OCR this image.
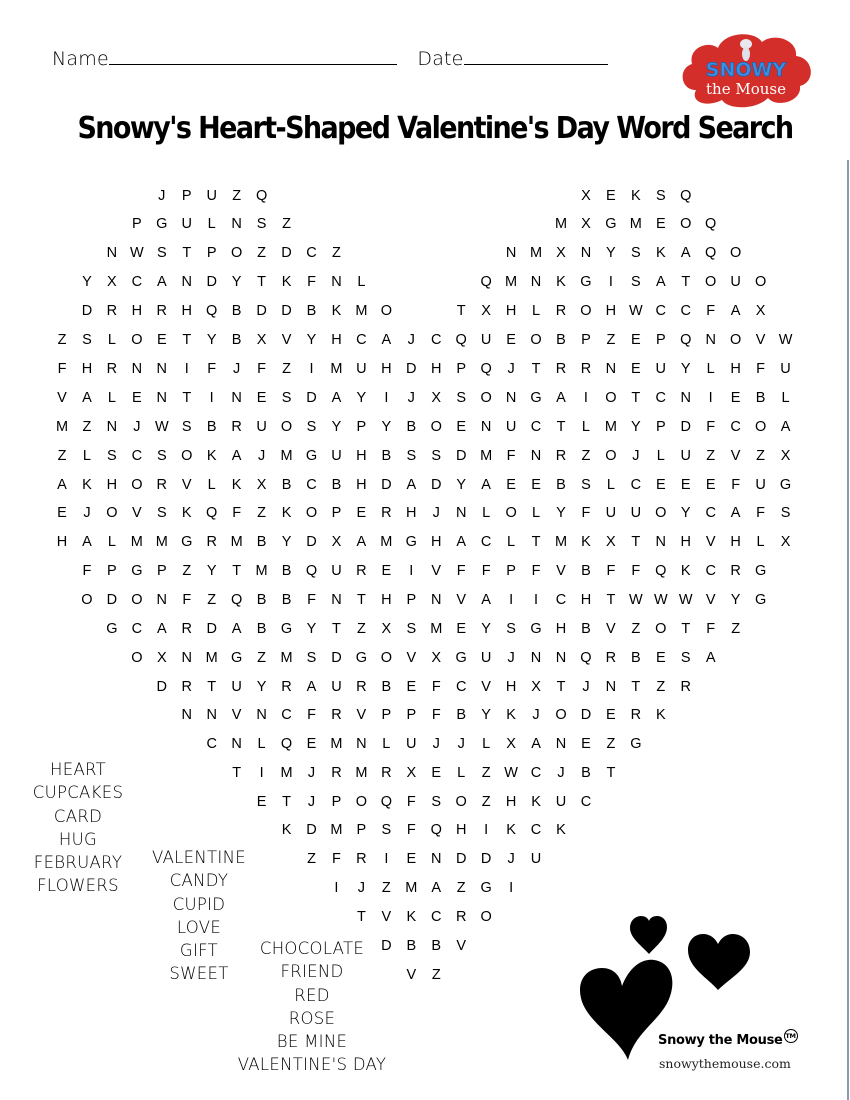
Name	Date	SNOWY
the Mouse
Snowy's Heart-Shaped Valentine's Day Word Search
J	P	U	Z	Q	X	E	K	S Q
P G U	L	N	S	Z	M X G M E O Q
N W S	T	P O	Z	D C	Z	N M X	N	Y	S	K	A Q O
Y	X	C	A	N D	Y	T	K	F	N	L	Q M N	K G	I	S	A	T	O U O
D R H R H Q B	D D	B	K M O	T	X	H	L	R O H W C C	F	A	X
Z	S	L	O E	T	Y	B	X	V	Y	H C	A	J	C Q U	E O B	P	Z	E	P Q N O V W
F	H R N N	I	F	J	F	Z	I	M U H D H	P Q	J	T	R R N	E	U	Y	L	H	F	U
V	A	L	E	N	T	I	N	E	S	D	A	Y	I	J	X	S O N G A	I	O	T	C N	I	E	B	L
M Z	N	J W S	B	R U O S	Y	P	Y	B O E	N U C	T	L	M Y	P	D	F	C O A
Z	L	S	C	S O K	A	J	M G U H	B	S	S	D M F	N R	Z	O	J	L	U	Z	V	Z	X
A	K	H O R	V	L	K	X	B	C	B	H D	A	D	Y	A	E	E	B	S	L	C	E	E	E	F	U G
E	J	O V	S	K Q	F	Z	K O P	E	R H	J	N	L	O	L	Y	F	U U O Y	C	A	F	S
H	A	L	M M G R M B	Y	D	X	A M G H	A	C	L	T M K	X	T	N H	V	H	L	X
F	P G P	Z	Y	T M B Q U R	E	I	V	F	F	P	F	V	B	F	F	Q K	C R G
O D O N	F	Z	Q B	B	F	N	T	H	P	N	V	A	I	I	C H	T W W W V	Y G
G C	A	R D	A	B G Y	T	Z	X	S M E	Y	S G H	B	V	Z	O	T	F	Z
O X	N M G	Z M S	D G O V	X G U	J	N N Q R	B	E	S	A
D R	T	U	Y	R	A	U R	B	E	F	C	V	H	X	T	J	N	T	Z	R
N N	V	N C	F	R	V	P	P	F	B	Y	K	J	O D	E	R	K
C N	L	Q E M N	L	U	J	J	L	X	A	N	E	Z	G
T	I	M	J	R M R	X	E	L	Z W C	J	B	T
E	T	J	P O Q	F	S O	Z	H	K	U C
K	D M P	S	F	Q H	I	K	C	K
Z	F	R	I	E	N D D	J	U
I	J	Z M A	Z	G	I
T	V	K	C R O
D	B	B	V
V	Z
HEART
CUPCAKES
CARD
HUG
FEBRUARY
FLOWERS
VALENTINE
CANDY
CUPID
LOVE
GIFT
SWEET
CHOCOLATE
FRIEND
RED
ROSE
BE MINE
VALENTINE'S DAY
Snowy the Mouse TM
snowythemouse.com
